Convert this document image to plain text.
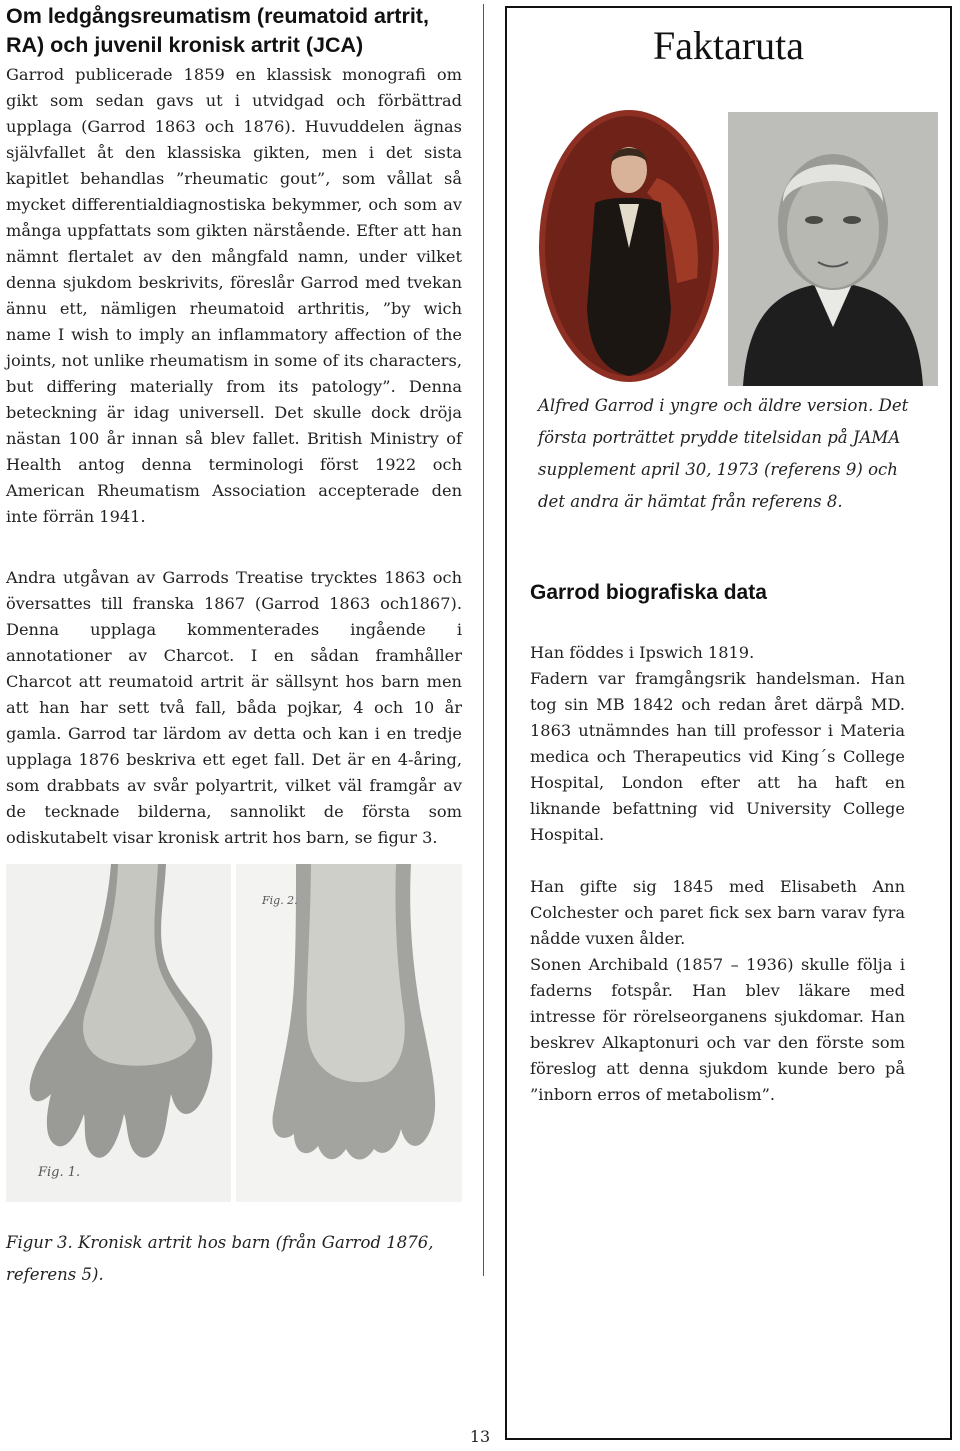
Om ledgångsreumatism (reumatoid artrit,
RA) och juvenil kronisk artrit (JCA)

Garrod publicerade 1859 en klassisk monografi om gikt som sedan gavs ut i utvidgad och förbättrad upplaga (Garrod 1863 och 1876). Huvuddelen ägnas självfallet åt den klassiska gikten, men i det sista kapitlet behandlas ”rheumatic gout”, som vållat så mycket differentialdiagnostiska bekymmer, och som av många uppfattats som gikten närstående. Efter att han nämnt flertalet av den mångfald namn, under vilket denna sjukdom beskrivits, föreslår Garrod med tvekan ännu ett, nämligen rheumatoid arthritis, ”by wich name I wish to imply an inflammatory affection of the joints, not unlike rheumatism in some of its characters, but differing materially from its patology”. Denna beteckning är idag universell. Det skulle dock dröja nästan 100 år innan så blev fallet. British Ministry of Health antog denna terminologi först 1922 och American Rheumatism Association accepterade den inte förrän 1941.

Andra utgåvan av Garrods Treatise trycktes 1863 och översattes till franska 1867 (Garrod 1863 och1867). Denna upplaga kommenterades ingående i annotationer av Charcot. I en sådan framhåller Charcot att reumatoid artrit är sällsynt hos barn men att han har sett två fall, båda pojkar, 4 och 10 år gamla. Garrod tar lärdom av detta och kan i en tredje upplaga 1876 beskriva ett eget fall. Det är en 4-åring, som drabbats av svår polyartrit, vilket väl framgår av de tecknade bilderna, sannolikt de första som odiskutabelt visar kronisk artrit hos barn, se figur 3.

Fig. 1.
Fig. 2.
Figur 3. Kronisk artrit hos barn (från Garrod 1876, referens 5).
Faktaruta
Alfred Garrod i yngre och äldre version. Det första porträttet prydde titelsidan på JAMA supplement april 30, 1973 (referens 9) och det andra är hämtat från referens 8.
Garrod biografiska data

Han föddes i Ipswich 1819.
Fadern var framgångsrik handelsman. Han tog sin MB 1842 och redan året därpå MD. 1863 utnämndes han till professor i Materia medica och Therapeutics vid King´s College Hospital, London efter att ha haft en liknande befattning vid University College Hospital.

Han gifte sig 1845 med Elisabeth Ann Colchester och paret fick sex barn varav fyra nådde vuxen ålder.
Sonen Archibald (1857 – 1936) skulle följa i faderns fotspår. Han blev läkare med intresse för rörelseorganens sjukdomar. Han beskrev Alkaptonuri och var den förste som föreslog att denna sjukdom kunde bero på ”inborn erros of metabolism”.

13
